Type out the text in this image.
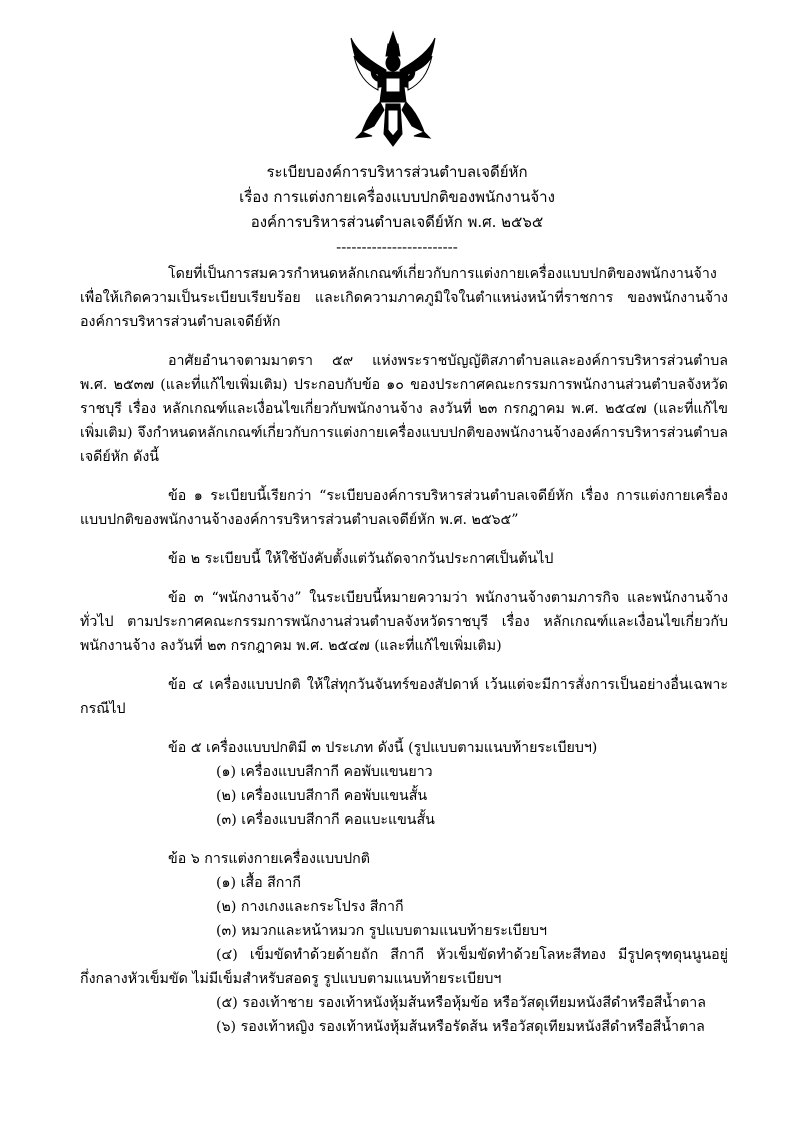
ระเบียบองค์การบริหารส่วนตำบลเจดีย์หัก
เรื่อง การแต่งกายเครื่องแบบปกติของพนักงานจ้าง
องค์การบริหารส่วนตำบลเจดีย์หัก พ.ศ. ๒๕๖๕
------------------------

โดยที่เป็นการสมควรกำหนดหลักเกณฑ์เกี่ยวกับการแต่งกายเครื่องแบบปกติของพนักงานจ้าง เพื่อให้เกิดความเป็นระเบียบเรียบร้อย และเกิดความภาคภูมิใจในตำแหน่งหน้าที่ราชการ ของพนักงานจ้างองค์การบริหารส่วนตำบลเจดีย์หัก

อาศัยอำนาจตามมาตรา ๕๙ แห่งพระราชบัญญัติสภาตำบลและองค์การบริหารส่วนตำบล พ.ศ. ๒๕๓๗ (และที่แก้ไขเพิ่มเติม) ประกอบกับข้อ ๑๐ ของประกาศคณะกรรมการพนักงานส่วนตำบลจังหวัดราชบุรี เรื่อง หลักเกณฑ์และเงื่อนไขเกี่ยวกับพนักงานจ้าง ลงวันที่ ๒๓ กรกฎาคม พ.ศ. ๒๕๔๗ (และที่แก้ไขเพิ่มเติม) จึงกำหนดหลักเกณฑ์เกี่ยวกับการแต่งกายเครื่องแบบปกติของพนักงานจ้างองค์การบริหารส่วนตำบลเจดีย์หัก ดังนี้

ข้อ ๑ ระเบียบนี้เรียกว่า “ระเบียบองค์การบริหารส่วนตำบลเจดีย์หัก เรื่อง การแต่งกายเครื่องแบบปกติของพนักงานจ้างองค์การบริหารส่วนตำบลเจดีย์หัก พ.ศ. ๒๕๖๕”

ข้อ ๒ ระเบียบนี้ ให้ใช้บังคับตั้งแต่วันถัดจากวันประกาศเป็นต้นไป

ข้อ ๓ “พนักงานจ้าง” ในระเบียบนี้หมายความว่า พนักงานจ้างตามภารกิจ และพนักงานจ้างทั่วไป ตามประกาศคณะกรรมการพนักงานส่วนตำบลจังหวัดราชบุรี เรื่อง หลักเกณฑ์และเงื่อนไขเกี่ยวกับพนักงานจ้าง ลงวันที่ ๒๓ กรกฎาคม พ.ศ. ๒๕๔๗ (และที่แก้ไขเพิ่มเติม)

ข้อ ๔ เครื่องแบบปกติ ให้ใส่ทุกวันจันทร์ของสัปดาห์ เว้นแต่จะมีการสั่งการเป็นอย่างอื่นเฉพาะกรณีไป

ข้อ ๕ เครื่องแบบปกติมี ๓ ประเภท ดังนี้ (รูปแบบตามแนบท้ายระเบียบฯ)

(๑) เครื่องแบบสีกากี คอพับแขนยาว

(๒) เครื่องแบบสีกากี คอพับแขนสั้น

(๓) เครื่องแบบสีกากี คอแบะแขนสั้น

ข้อ ๖ การแต่งกายเครื่องแบบปกติ

(๑) เสื้อ สีกากี

(๒) กางเกงและกระโปรง สีกากี

(๓) หมวกและหน้าหมวก รูปแบบตามแนบท้ายระเบียบฯ

(๔) เข็มขัดทำด้วยด้ายถัก สีกากี หัวเข็มขัดทำด้วยโลหะสีทอง มีรูปครุฑดุนนูนอยู่กึ่งกลางหัวเข็มขัด ไม่มีเข็มสำหรับสอดรู รูปแบบตามแนบท้ายระเบียบฯ

(๕) รองเท้าชาย รองเท้าหนังหุ้มส้นหรือหุ้มข้อ หรือวัสดุเทียมหนังสีดำหรือสีน้ำตาล

(๖) รองเท้าหญิง รองเท้าหนังหุ้มส้นหรือรัดส้น หรือวัสดุเทียมหนังสีดำหรือสีน้ำตาล
